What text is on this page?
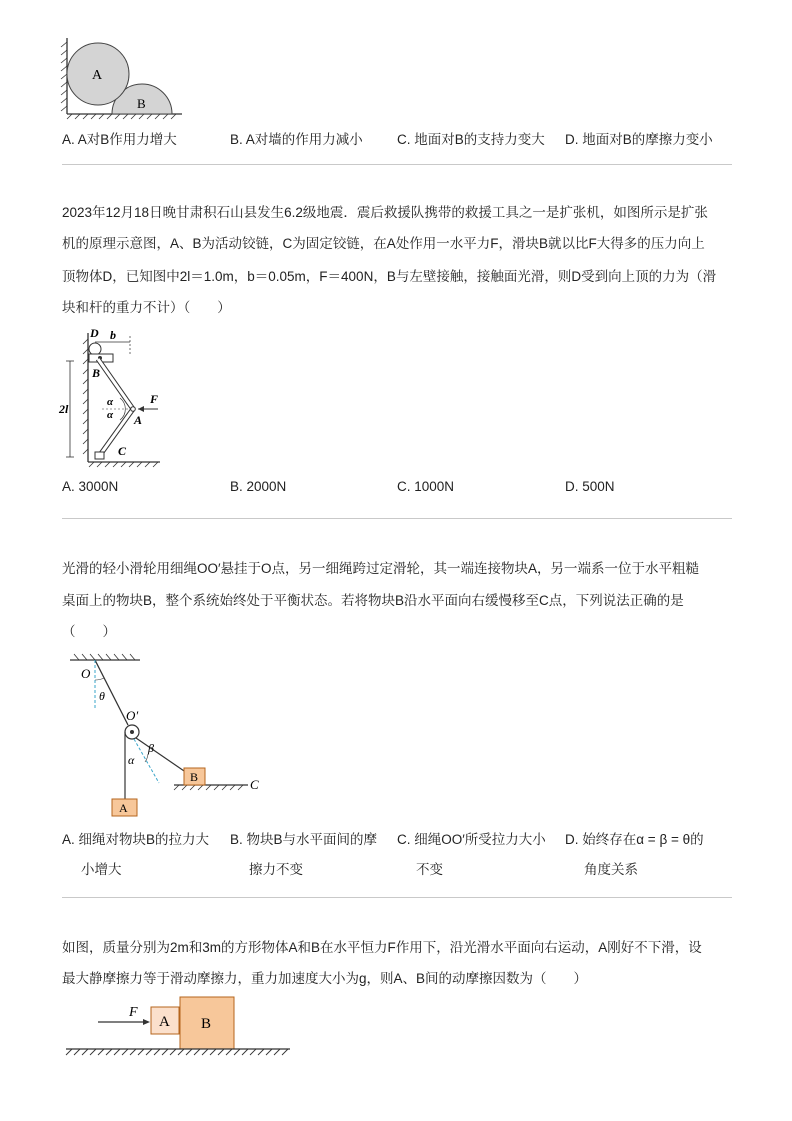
A
B
A. A对B作用力增大	B. A对墙的作用力减小	C. 地面对B的支持力变大 D. 地面对B的摩擦力变小
2023年12月18日晚甘肃积石山县发生6.2级地震．震后救援队携带的救援工具之一是扩张机，如图所示是扩张
机的原理示意图，A、B为活动铰链，C为固定铰链，在A处作用一水平力F，滑块B就以比F大得多的压力向上
顶物体D，已知图中2l＝1.0m，b＝0.05m，F＝400N，B与左壁接触，接触面光滑，则D受到向上顶的力为（滑
块和杆的重力不计）（　　）
2l
D b
B
α
α
F
A
C
A. 3000N	B. 2000N	C. 1000N	D. 500N
光滑的轻小滑轮用细绳OO′悬挂于O点，另一细绳跨过定滑轮，其一端连接物块A，另一端系一位于水平粗糙
桌面上的物块B，整个系统始终处于平衡状态。若将物块B沿水平面向右缓慢移至C点，下列说法正确的是
（　　）
O
θ
O′
α
β
A
B	C
A. 细绳对物块B的拉力大
小增大
B. 物块B与水平面间的摩
擦力不变
C. 细绳OO′所受拉力大小
不变
D. 始终存在α = β = θ的
角度关系
如图，质量分别为2m和3m的方形物体A和B在水平恒力F作用下，沿光滑水平面向右运动，A刚好不下滑，设
最大静摩擦力等于滑动摩擦力，重力加速度大小为g，则A、B间的动摩擦因数为（　　）
F
A B
